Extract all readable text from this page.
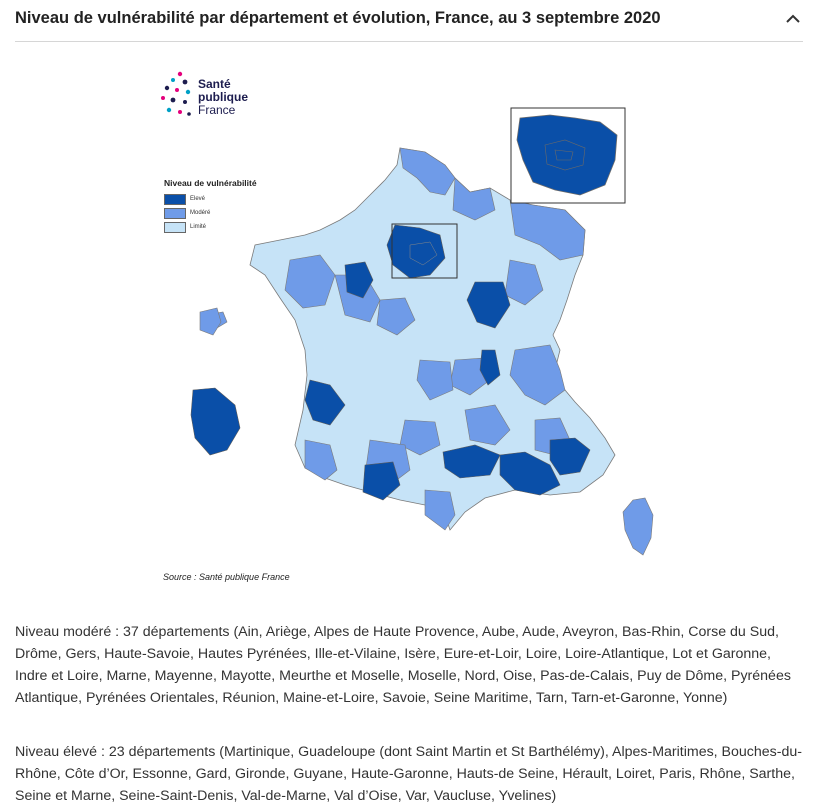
Niveau de vulnérabilité par département et évolution, France, au 3 septembre 2020
Santé
publique
France
Niveau de vulnérabilité
Elevé
Modéré
Limité
Source : Santé publique France

Niveau modéré : 37 départements (Ain, Ariège, Alpes de Haute Provence, Aube, Aude, Aveyron, Bas-Rhin, Corse du Sud, Drôme, Gers, Haute-Savoie, Hautes Pyrénées, Ille-et-Vilaine, Isère, Eure-et-Loir, Loire, Loire-Atlantique, Lot et Garonne, Indre et Loire, Marne, Mayenne, Mayotte, Meurthe et Moselle, Moselle, Nord, Oise, Pas-de-Calais, Puy de Dôme, Pyrénées Atlantique, Pyrénées Orientales, Réunion, Maine-et-Loire, Savoie, Seine Maritime, Tarn, Tarn-et-Garonne, Yonne)

Niveau élevé : 23 départements (Martinique, Guadeloupe (dont Saint Martin et St Barthélémy), Alpes-Maritimes, Bouches-du-Rhône, Côte d’Or, Essonne, Gard, Gironde, Guyane, Haute-Garonne, Hauts-de Seine, Hérault, Loiret, Paris, Rhône, Sarthe, Seine et Marne, Seine-Saint-Denis, Val-de-Marne, Val d’Oise, Var, Vaucluse, Yvelines)
